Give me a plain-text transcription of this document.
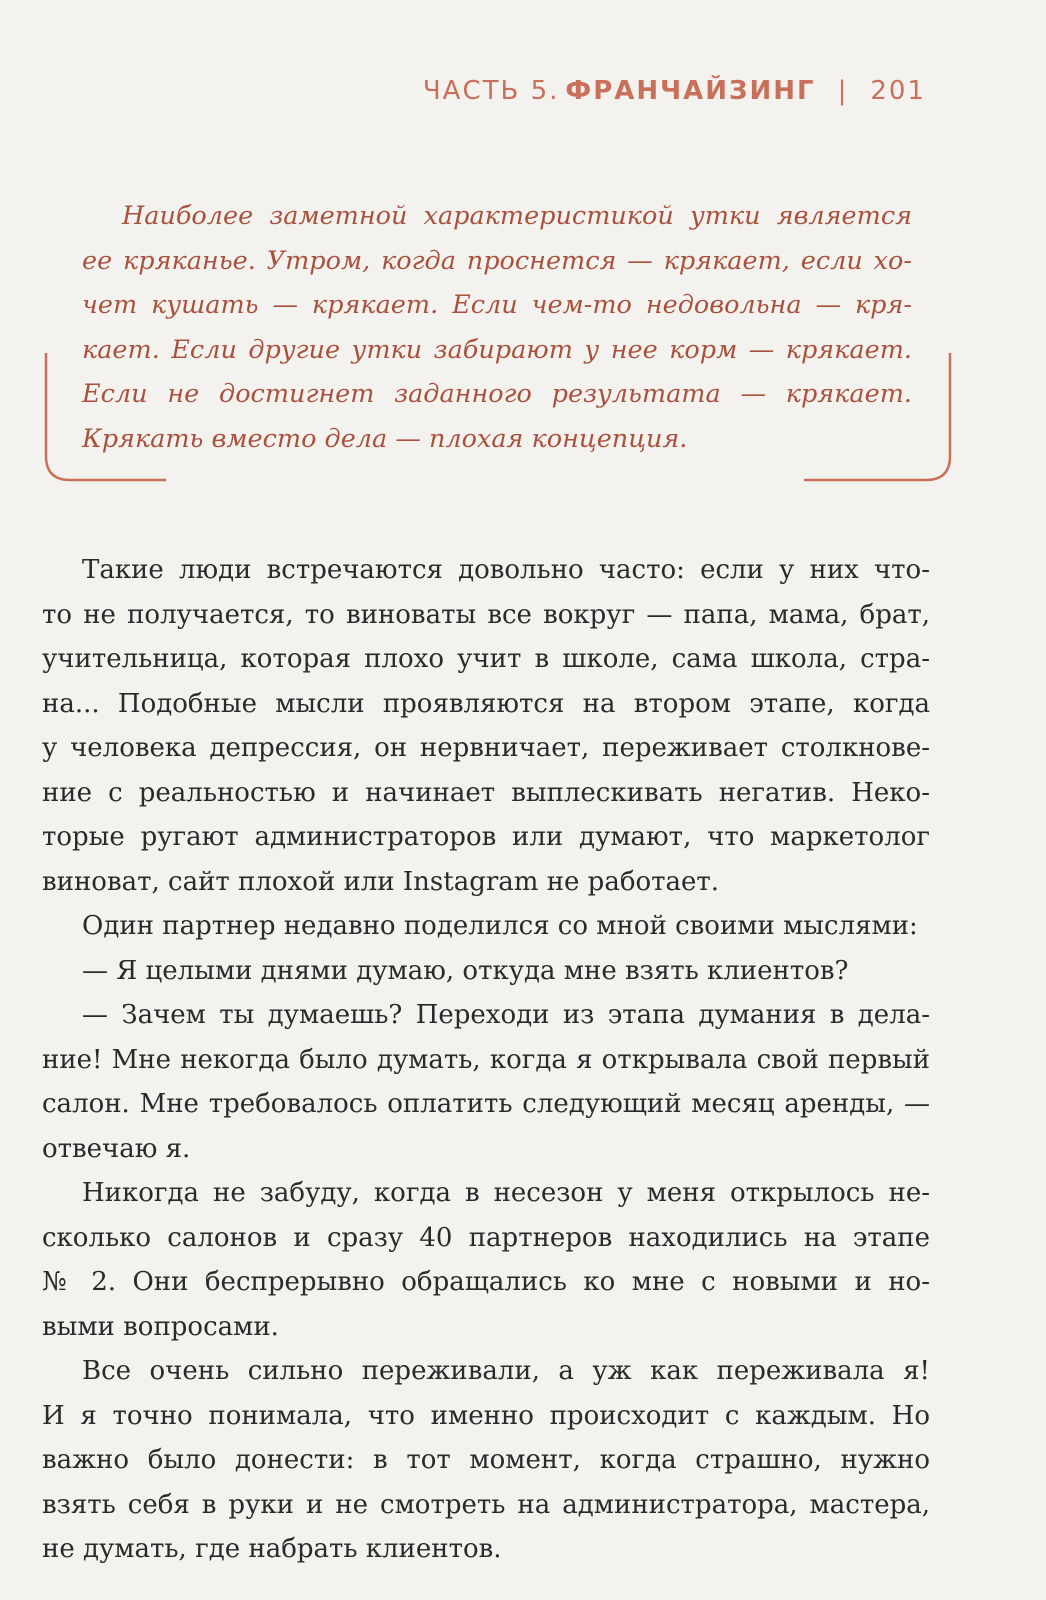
ЧАСТЬ 5. ФРАНЧАЙЗИНГ | 201
Наиболее заметной характеристикой утки является
ее кряканье. Утром, когда проснется — крякает, если хо-
чет кушать — крякает. Если чем-то недовольна — кря-
кает. Если другие утки забирают у нее корм — крякает.
Если не достигнет заданного результата — крякает.
Крякать вместо дела — плохая концепция.
Такие люди встречаются довольно часто: если у них что-
то не получается, то виноваты все вокруг — папа, мама, брат,
учительница, которая плохо учит в школе, сама школа, стра-
на... Подобные мысли проявляются на втором этапе, когда
у человека депрессия, он нервничает, переживает столкнове-
ние с реальностью и начинает выплескивать негатив. Неко-
торые ругают администраторов или думают, что маркетолог
виноват, сайт плохой или Instagram не работает.
Один партнер недавно поделился со мной своими мыслями:
— Я целыми днями думаю, откуда мне взять клиентов?
— Зачем ты думаешь? Переходи из этапа думания в дела-
ние! Мне некогда было думать, когда я открывала свой первый
салон. Мне требовалось оплатить следующий месяц аренды, —
отвечаю я.
Никогда не забуду, когда в несезон у меня открылось не-
сколько салонов и сразу 40 партнеров находились на этапе
№ 2. Они беспрерывно обращались ко мне с новыми и но-
выми вопросами.
Все очень сильно переживали, а уж как переживала я!
И я точно понимала, что именно происходит с каждым. Но
важно было донести: в тот момент, когда страшно, нужно
взять себя в руки и не смотреть на администратора, мастера,
не думать, где набрать клиентов.
